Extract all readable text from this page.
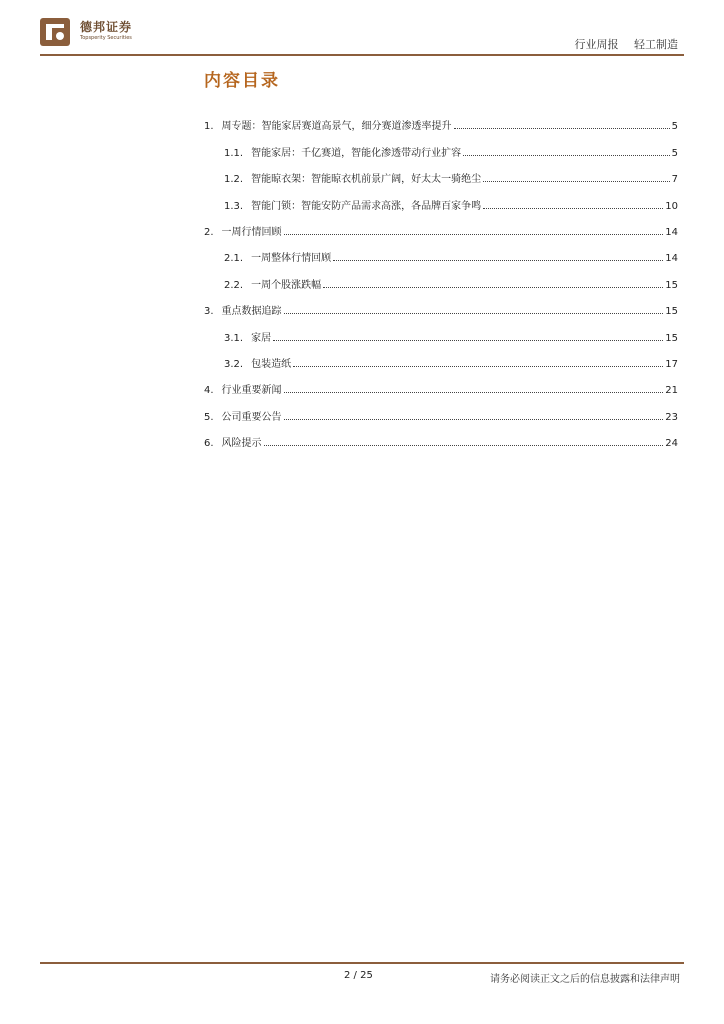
德邦证券
Topsperity Securities	行业周报 轻工制造
内容目录
1. 周专题：智能家居赛道高景气，细分赛道渗透率提升	5
1.1. 智能家居：千亿赛道，智能化渗透带动行业扩容	5
1.2. 智能晾衣架：智能晾衣机前景广阔，好太太一骑绝尘	7
1.3. 智能门锁：智能安防产品需求高涨，各品牌百家争鸣	10
2. 一周行情回顾	14
2.1. 一周整体行情回顾	14
2.2. 一周个股涨跌幅	15
3. 重点数据追踪	15
3.1. 家居	15
3.2. 包装造纸	17
4. 行业重要新闻	21
5. 公司重要公告	23
6. 风险提示	24
2 / 25	请务必阅读正文之后的信息披露和法律声明
